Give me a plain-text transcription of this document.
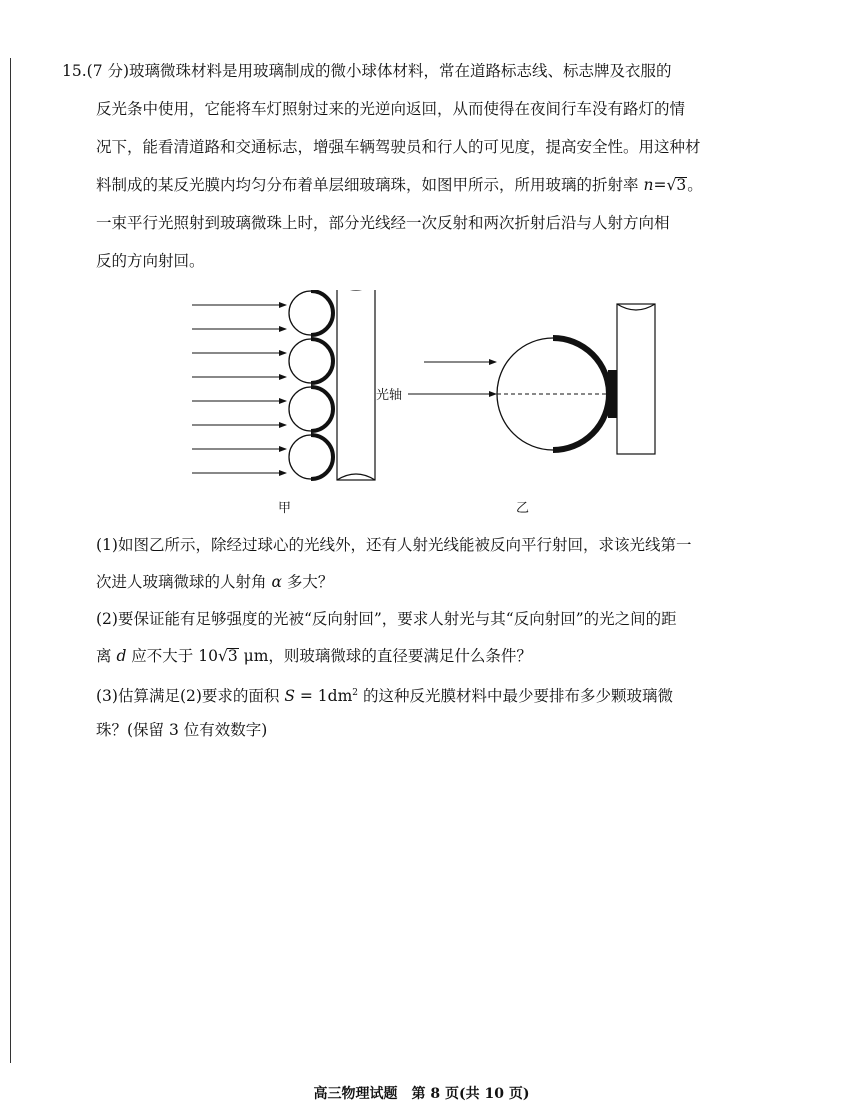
15.(7 分)玻璃微珠材料是用玻璃制成的微小球体材料，常在道路标志线、标志牌及衣服的
反光条中使用，它能将车灯照射过来的光逆向返回，从而使得在夜间行车没有路灯的情
况下，能看清道路和交通标志，增强车辆驾驶员和行人的可见度，提高安全性。用这种材
料制成的某反光膜内均匀分布着单层细玻璃珠，如图甲所示，所用玻璃的折射率 n=√3。
一束平行光照射到玻璃微珠上时，部分光线经一次反射和两次折射后沿与人射方向相
反的方向射回。
甲
光轴
乙
(1)如图乙所示，除经过球心的光线外，还有人射光线能被反向平行射回，求该光线第一
次进人玻璃微球的人射角 α 多大？
(2)要保证能有足够强度的光被“反向射回”，要求人射光与其“反向射回”的光之间的距
离 d 应不大于 10√3 μm，则玻璃微球的直径要满足什么条件？
(3)估算满足(2)要求的面积 $S = 1dm^2$ 的这种反光膜材料中最少要排布多少颗玻璃微
珠？(保留 3 位有效数字)
高三物理试题　第 8 页(共 10 页)
